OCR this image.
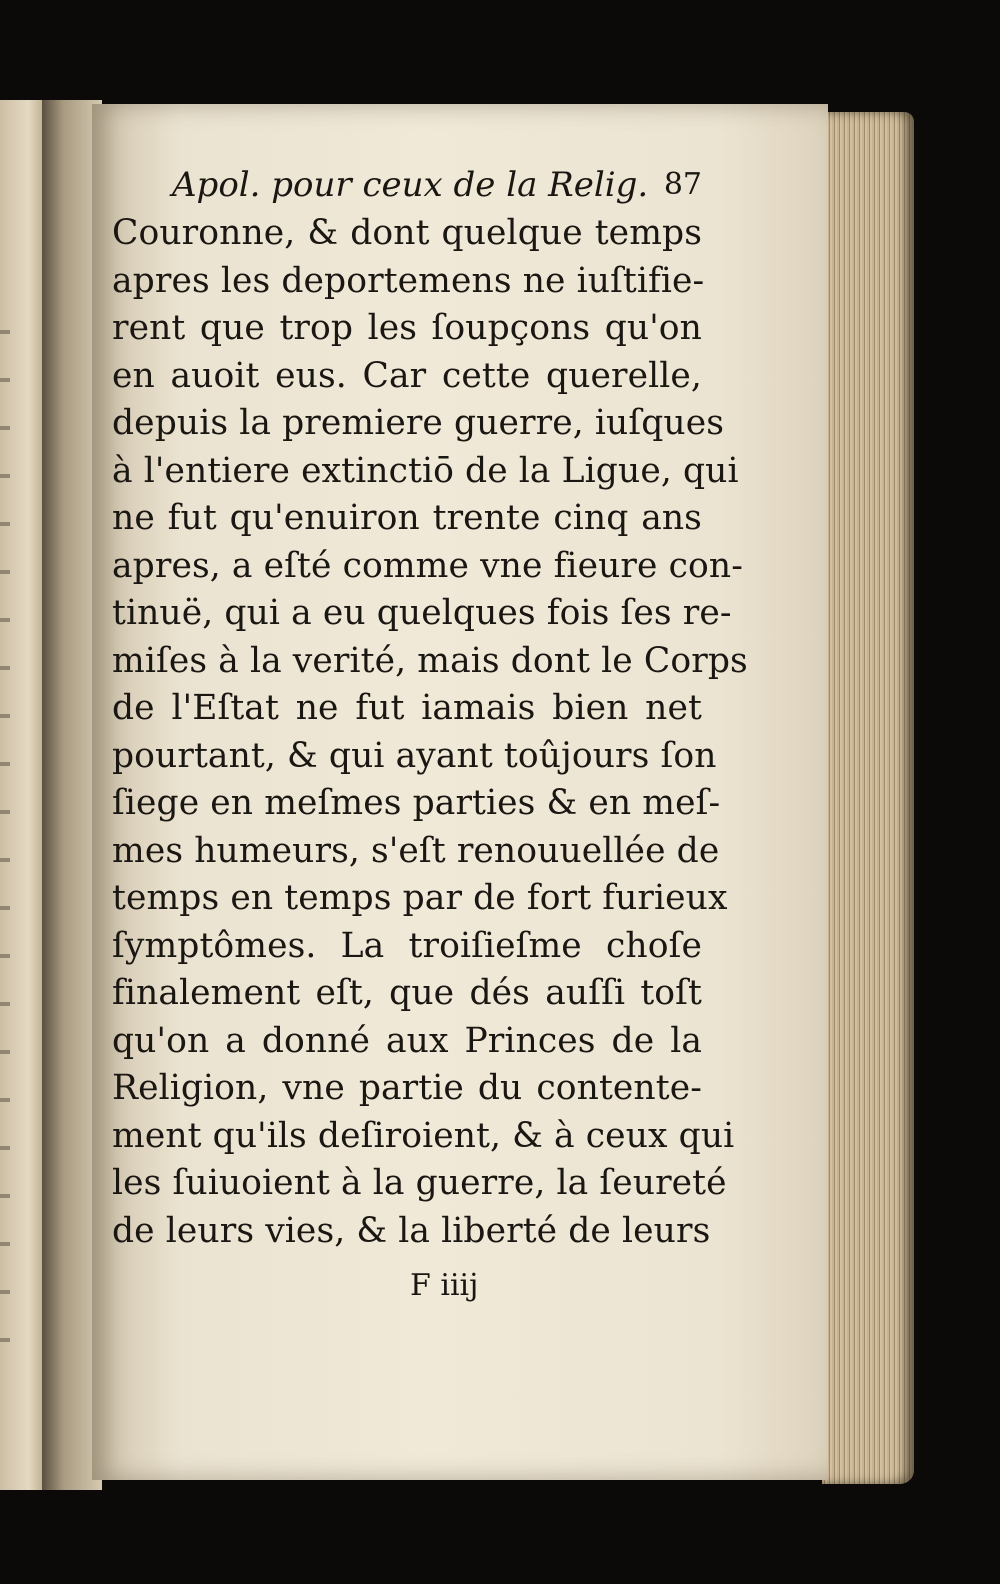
Apol. pour ceux de la Relig. 87
Couronne, & dont quelque temps
apres les deportemens ne iuſtifie-
rent que trop les ſoupçons qu'on
en auoit eus. Car cette querelle,
depuis la premiere guerre, iuſques
à l'entiere extinctiō de la Ligue, qui
ne fut qu'enuiron trente cinq ans
apres, a eſté comme vne fieure con-
tinuë, qui a eu quelques fois ſes re-
miſes à la verité, mais dont le Corps
de l'Eſtat ne fut iamais bien net
pourtant, & qui ayant toûjours ſon
ſiege en meſmes parties & en meſ-
mes humeurs, s'eſt renouuellée de
temps en temps par de fort furieux
ſymptômes. La troiſieſme choſe
finalement eſt, que dés auſſi toſt
qu'on a donné aux Princes de la
Religion, vne partie du contente-
ment qu'ils deſiroient, & à ceux qui
les ſuiuoient à la guerre, la ſeureté
de leurs vies, & la liberté de leurs
F iiij
